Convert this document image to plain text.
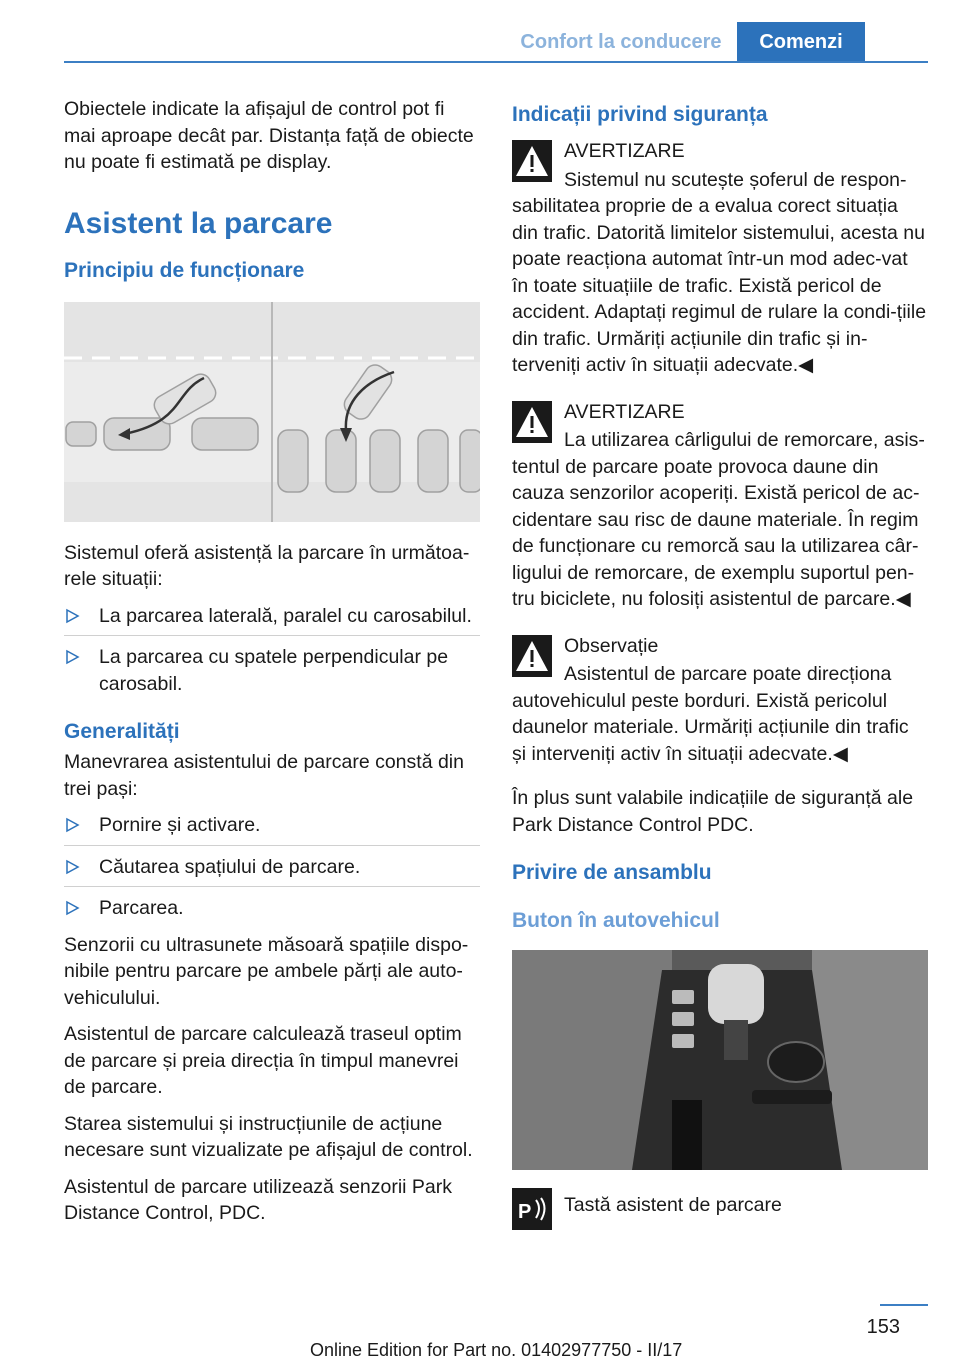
Confort la conducere	Comenzi

Obiectele indicate la afișajul de control pot fi mai aproape decât par. Distanța față de obiecte nu poate fi estimată pe display.

Asistent la parcare
Principiu de funcționare

Sistemul oferă asistență la parcare în următoa‐rele situații:

La parcarea laterală, paralel cu carosabilul.
La parcarea cu spatele perpendicular pe carosabil.
Generalități

Manevrarea asistentului de parcare constă din trei pași:

Pornire și activare.
Căutarea spațiului de parcare.
Parcarea.

Senzorii cu ultrasunete măsoară spațiile dispo‐nibile pentru parcare pe ambele părți ale auto‐vehiculului.

Asistentul de parcare calculează traseul optim de parcare și preia direcția în timpul manevrei de parcare.

Starea sistemului și instrucțiunile de acțiune necesare sunt vizualizate pe afișajul de control.

Asistentul de parcare utilizează senzorii Park Distance Control, PDC.

Indicații privind siguranța

AVERTIZARE

Sistemul nu scutește șoferul de respon‐sabilitatea proprie de a evalua corect situația din trafic. Datorită limitelor sistemului, acesta nu poate reacționa automat într-un mod adec‐vat în toate situațiile de trafic. Există pericol de accident. Adaptați regimul de rulare la condi‐țiile din trafic. Urmăriți acțiunile din trafic și in‐terveniți activ în situații adecvate.◀

AVERTIZARE

La utilizarea cârligului de remorcare, asis‐tentul de parcare poate provoca daune din cauza senzorilor acoperiți. Există pericol de ac‐cidentare sau risc de daune materiale. În regim de funcționare cu remorcă sau la utilizarea câr‐ligului de remorcare, de exemplu suportul pen‐tru biciclete, nu folosiți asistentul de parcare.◀

Observație

Asistentul de parcare poate direcționa autovehiculul peste borduri. Există pericolul daunelor materiale. Urmăriți acțiunile din trafic și interveniți activ în situații adecvate.◀

În plus sunt valabile indicațiile de siguranță ale Park Distance Control PDC.

Privire de ansamblu
Buton în autovehicul
P	Tastă asistent de parcare

153
Online Edition for Part no. 01402977750 - II/17
